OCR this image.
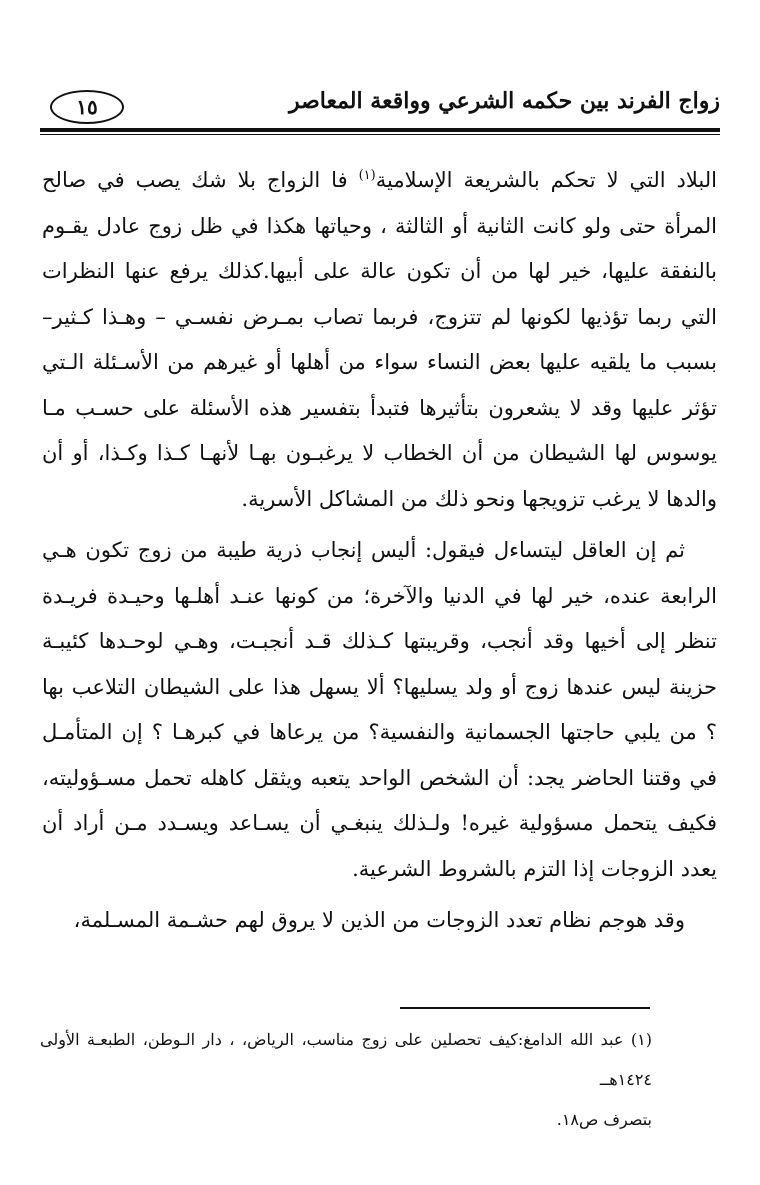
زواج الفرند بين حكمه الشرعي وواقعة المعاصر
١٥

البلاد التي لا تحكم بالشريعة الإسلامية$^{(١)}$ فا الزواج بلا شك يصب في صالح المرأة حتى ولو كانت الثانية أو الثالثة ، وحياتها هكذا في ظل زوج عادل يقـوم بالنفقة عليها، خير لها من أن تكون عالة على أبيها.كذلك يرفع عنها النظرات التي ربما تؤذيها لكونها لم تتزوج، فربما تصاب بمـرض نفسـي – وهـذا كـثير– بسبب ما يلقيه عليها بعض النساء سواء من أهلها أو غيرهم من الأسـئلة الـتي تؤثر عليها وقد لا يشعرون بتأثيرها فتبدأ بتفسير هذه الأسئلة على حسـب مـا يوسوس لها الشيطان من أن الخطاب لا يرغبـون بهـا لأنهـا كـذا وكـذا، أو أن والدها لا يرغب تزويجها ونحو ذلك من المشاكل الأسرية.

ثم إن العاقل ليتساءل فيقول: أليس إنجاب ذرية طيبة من زوج تكون هـي الرابعة عنده، خير لها في الدنيا والآخرة؛ من كونها عنـد أهلـها وحيـدة فريـدة تنظر إلى أخيها وقد أنجب، وقريبتها كـذلك قـد أنجبـت، وهـي لوحـدها كئيبـة حزينة ليس عندها زوج أو ولد يسليها؟ ألا يسهل هذا على الشيطان التلاعب بها ؟ من يلبي حاجتها الجسمانية والنفسية؟ من يرعاها في كبرهـا ؟ إن المتأمـل في وقتنا الحاضر يجد: أن الشخص الواحد يتعبه ويثقل كاهله تحمل مسـؤوليته، فكيف يتحمل مسؤولية غيره! ولـذلك ينبغـي أن يسـاعد ويسـدد مـن أراد أن يعدد الزوجات إذا التزم بالشروط الشرعية.

وقد هوجم نظام تعدد الزوجات من الذين لا يروق لهم حشـمة المسـلمة،

(١) عبد الله الدامغ:كيف تحصلين على زوج مناسب، الرياض، ، دار الـوطن، الطبعـة الأولى ١٤٢٤هــ

بتصرف ص١٨.
